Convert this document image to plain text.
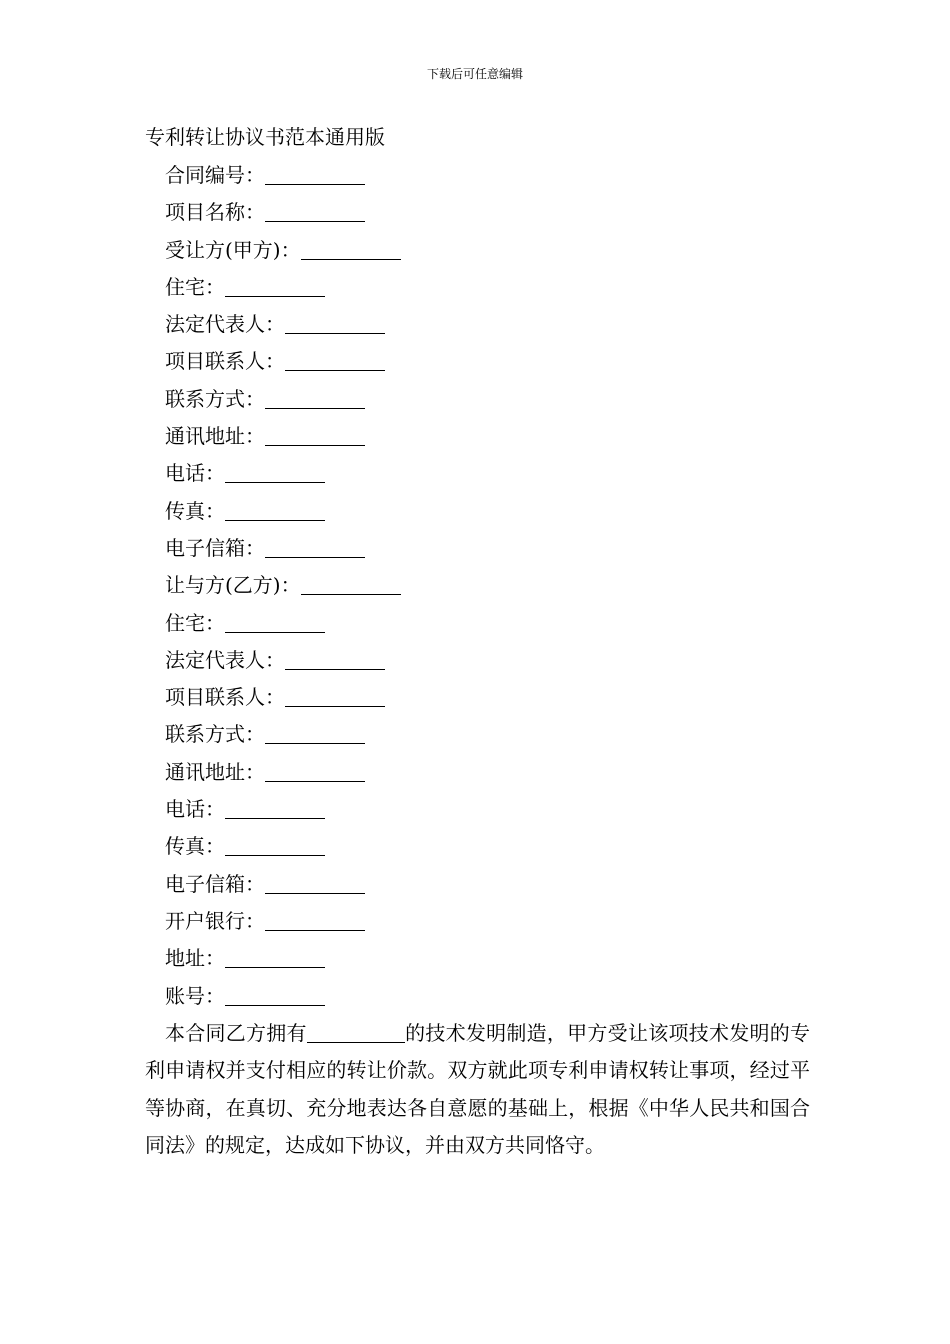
下载后可任意编辑
专利转让协议书范本通用版
合同编号：
项目名称：
受让方(甲方)：
住宅：
法定代表人：
项目联系人：
联系方式：
通讯地址：
电话：
传真：
电子信箱：
让与方(乙方)：
住宅：
法定代表人：
项目联系人：
联系方式：
通讯地址：
电话：
传真：
电子信箱：
开户银行：
地址：
账号：

本合同乙方拥有	的技术发明制造，甲方受让该项技术发明的专利申请权并支付相应的转让价款。双方就此项专利申请权转让事项，经过平等协商，在真切、充分地表达各自意愿的基础上，根据《中华人民共和国合同法》的规定，达成如下协议，并由双方共同恪守。
